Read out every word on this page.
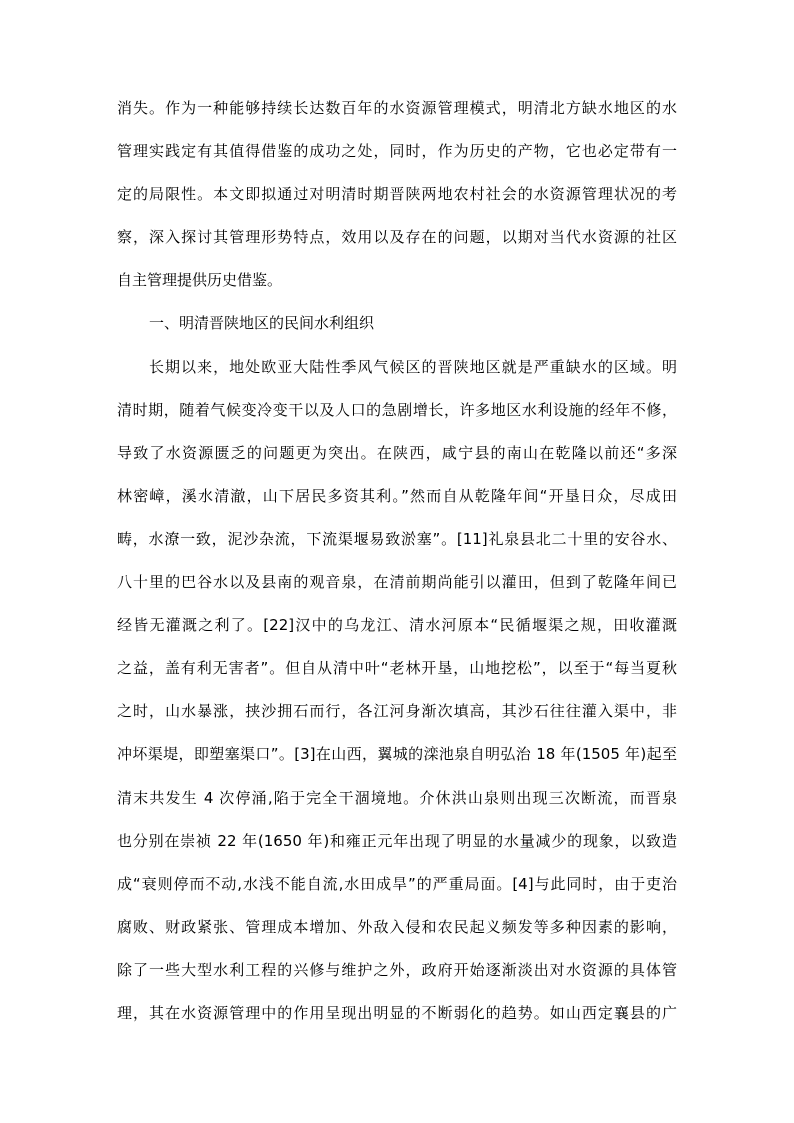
消失。作为一种能够持续长达数百年的水资源管理模式，明清北方缺水地区的水
管理实践定有其值得借鉴的成功之处，同时，作为历史的产物，它也必定带有一
定的局限性。本文即拟通过对明清时期晋陕两地农村社会的水资源管理状况的考
察，深入探讨其管理形势特点，效用以及存在的问题，以期对当代水资源的社区
自主管理提供历史借鉴。
一、明清晋陕地区的民间水利组织
长期以来，地处欧亚大陆性季风气候区的晋陕地区就是严重缺水的区域。明
清时期，随着气候变冷变干以及人口的急剧增长，许多地区水利设施的经年不修，
导致了水资源匮乏的问题更为突出。在陕西，咸宁县的南山在乾隆以前还“多深
林密嶂，溪水清澈，山下居民多资其利。”然而自从乾隆年间“开垦日众，尽成田
畴，水潦一致，泥沙杂流，下流渠堰易致淤塞”。[11]礼泉县北二十里的安谷水、
八十里的巴谷水以及县南的观音泉，在清前期尚能引以灌田，但到了乾隆年间已
经皆无灌溉之利了。[22]汉中的乌龙江、清水河原本“民循堰渠之规，田收灌溉
之益，盖有利无害者”。但自从清中叶“老林开垦，山地挖松”，以至于“每当夏秋
之时，山水暴涨，挟沙拥石而行，各江河身渐次填高，其沙石往往灌入渠中，非
冲坏渠堤，即塑塞渠口”。[3]在山西，翼城的滦池泉自明弘治 18 年(1505 年)起至
清末共发生 4 次停涌,陷于完全干涸境地。介休洪山泉则出现三次断流，而晋泉
也分别在崇祯 22 年(1650 年)和雍正元年出现了明显的水量减少的现象，以致造
成“衰则停而不动,水浅不能自流,水田成旱”的严重局面。[4]与此同时，由于吏治
腐败、财政紧张、管理成本增加、外敌入侵和农民起义频发等多种因素的影响，
除了一些大型水利工程的兴修与维护之外，政府开始逐渐淡出对水资源的具体管
理，其在水资源管理中的作用呈现出明显的不断弱化的趋势。如山西定襄县的广
